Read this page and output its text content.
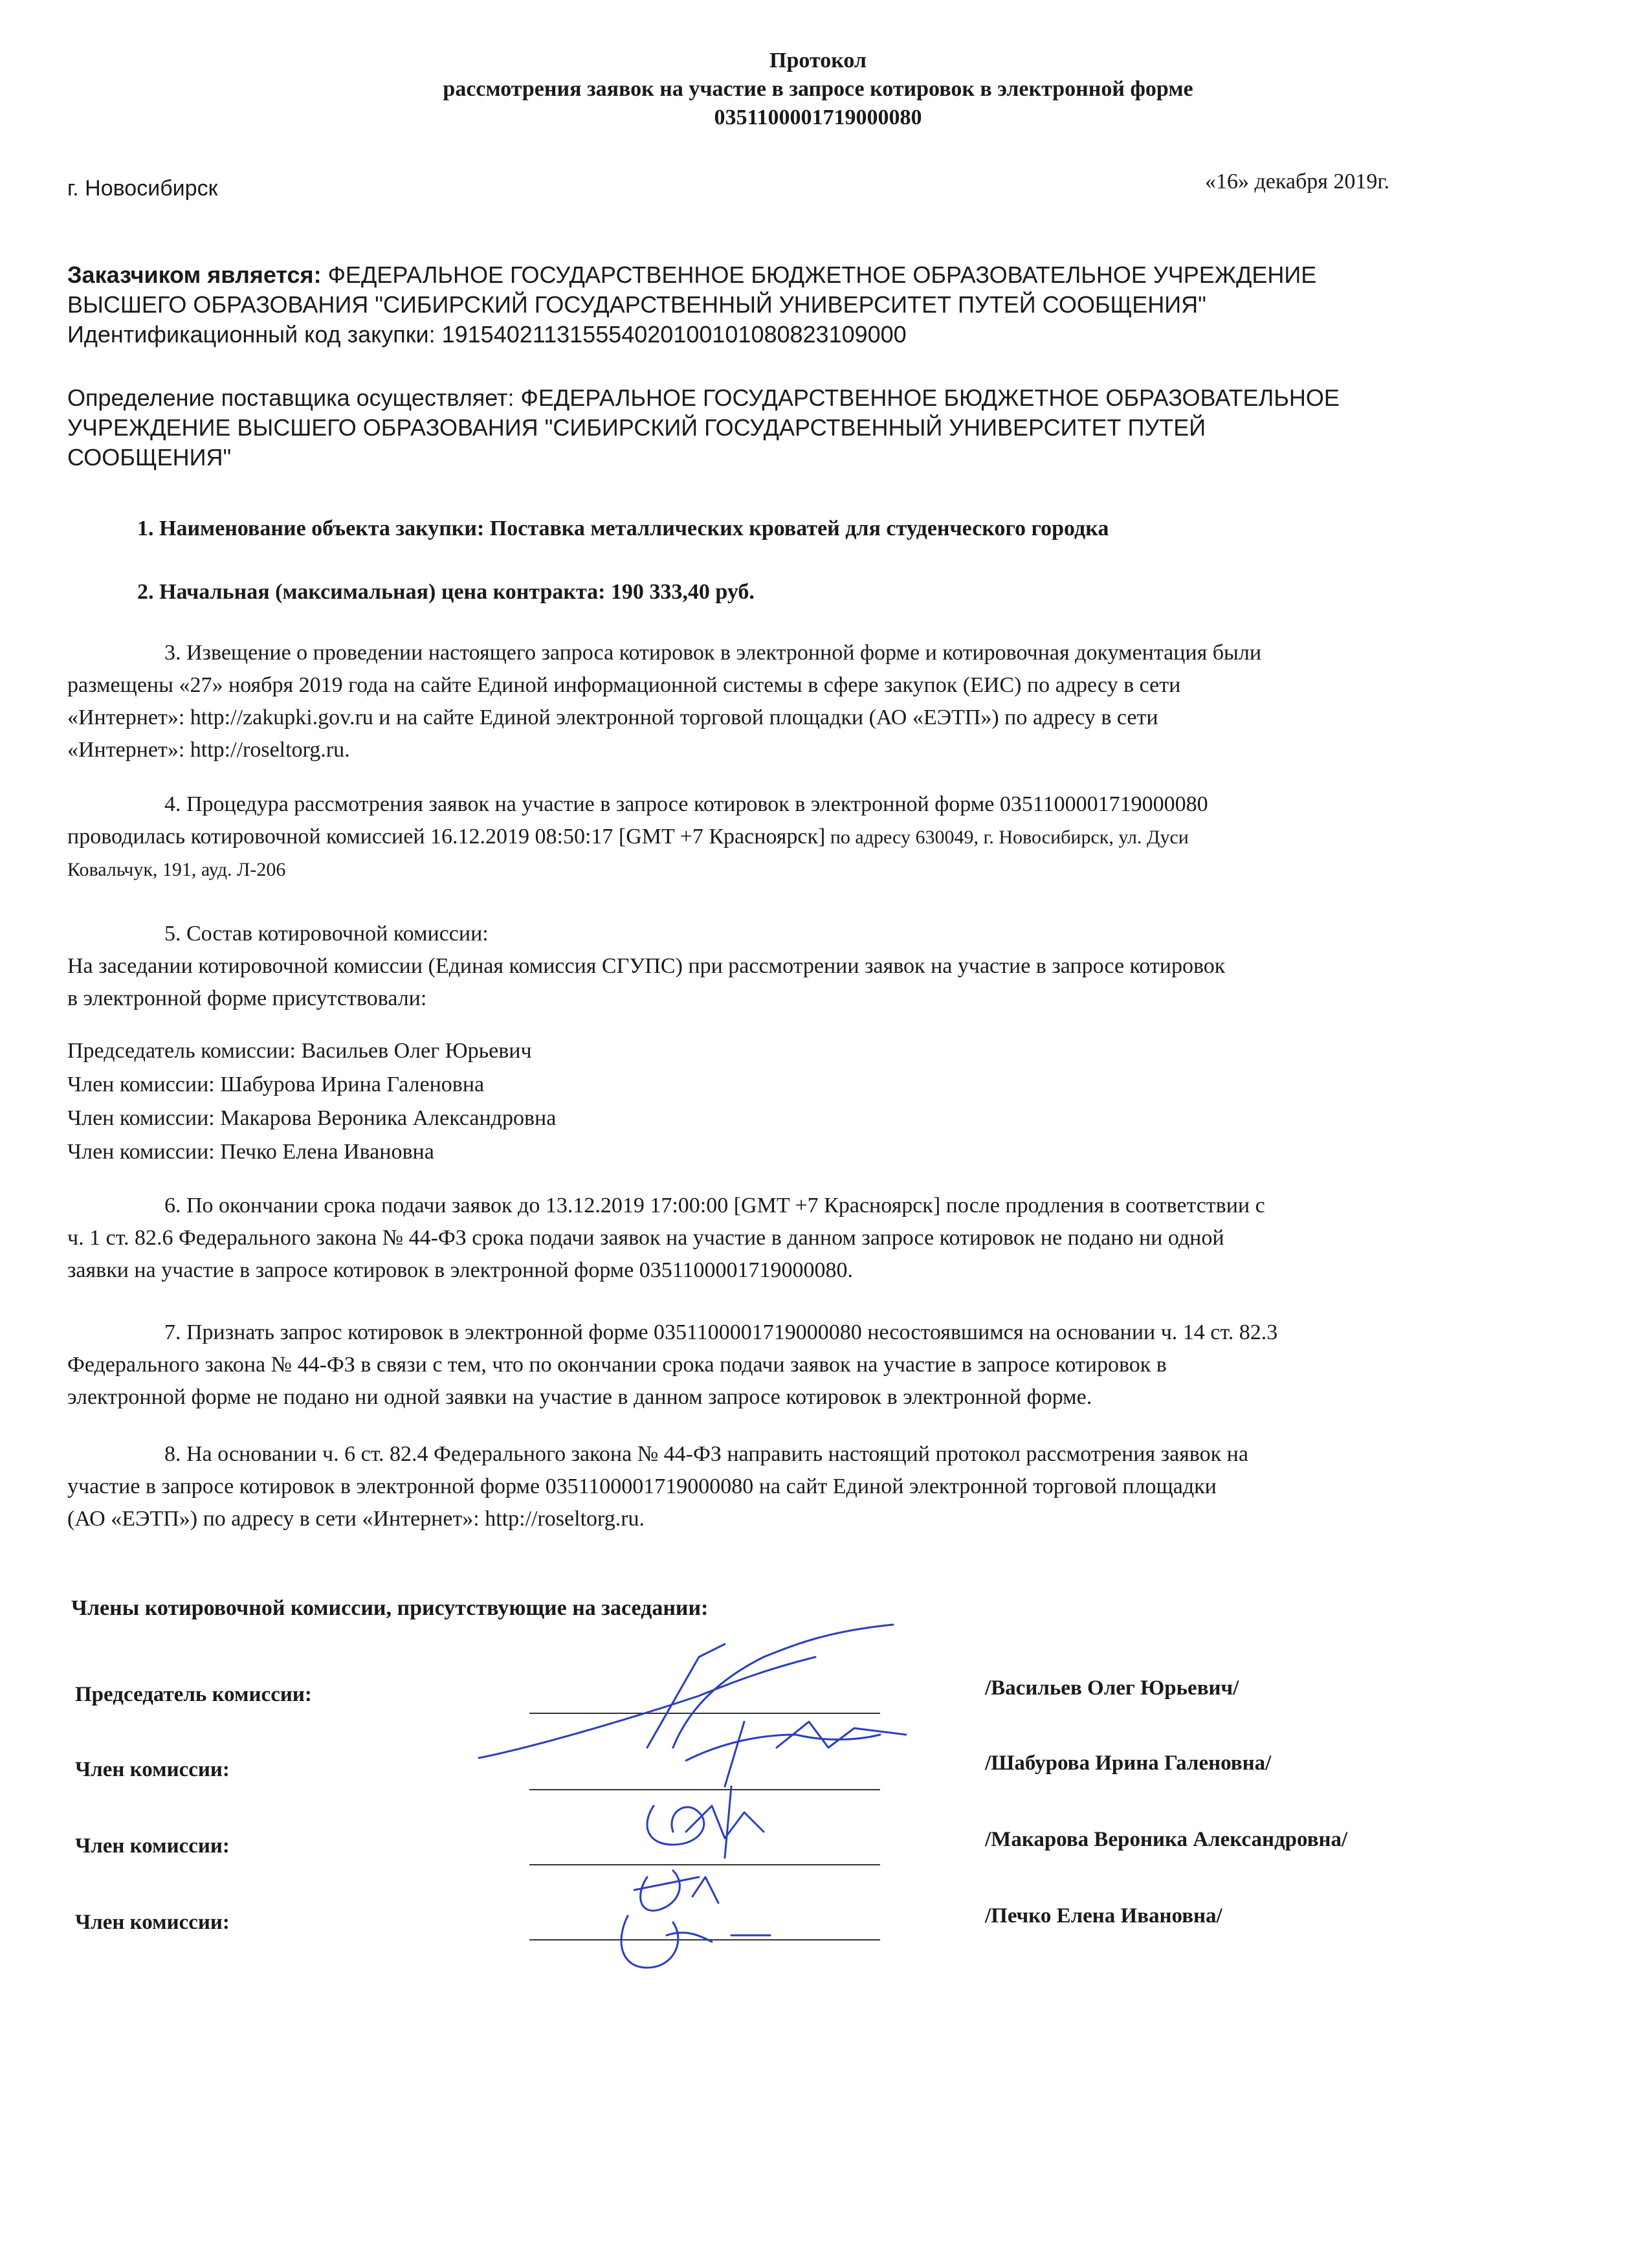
Протокол
рассмотрения заявок на участие в запросе котировок в электронной форме
0351100001719000080
г. Новосибирск	«16» декабря 2019г.
Заказчиком является: ФЕДЕРАЛЬНОЕ ГОСУДАРСТВЕННОЕ БЮДЖЕТНОЕ ОБРАЗОВАТЕЛЬНОЕ УЧРЕЖДЕНИЕ
ВЫСШЕГО ОБРАЗОВАНИЯ "СИБИРСКИЙ ГОСУДАРСТВЕННЫЙ УНИВЕРСИТЕТ ПУТЕЙ СООБЩЕНИЯ"
Идентификационный код закупки: 191540211315554020100101080823109000
Определение поставщика осуществляет: ФЕДЕРАЛЬНОЕ ГОСУДАРСТВЕННОЕ БЮДЖЕТНОЕ ОБРАЗОВАТЕЛЬНОЕ
УЧРЕЖДЕНИЕ ВЫСШЕГО ОБРАЗОВАНИЯ "СИБИРСКИЙ ГОСУДАРСТВЕННЫЙ УНИВЕРСИТЕТ ПУТЕЙ
СООБЩЕНИЯ"
1. Наименование объекта закупки: Поставка металлических кроватей для студенческого городка
2. Начальная (максимальная) цена контракта: 190 333,40 руб.
3. Извещение о проведении настоящего запроса котировок в электронной форме и котировочная документация были
размещены «27» ноября 2019 года на сайте Единой информационной системы в сфере закупок (ЕИС) по адресу в сети
«Интернет»: http://zakupki.gov.ru и на сайте Единой электронной торговой площадки (АО «ЕЭТП») по адресу в сети
«Интернет»: http://roseltorg.ru.
4. Процедура рассмотрения заявок на участие в запросе котировок в электронной форме 0351100001719000080
проводилась котировочной комиссией 16.12.2019 08:50:17 [GMT +7 Красноярск] по адресу 630049, г. Новосибирск, ул. Дуси
Ковальчук, 191, ауд. Л-206
5. Состав котировочной комиссии:
На заседании котировочной комиссии (Единая комиссия СГУПС) при рассмотрении заявок на участие в запросе котировок
в электронной форме присутствовали:
Председатель комиссии: Васильев Олег Юрьевич
Член комиссии: Шабурова Ирина Галеновна
Член комиссии: Макарова Вероника Александровна
Член комиссии: Печко Елена Ивановна
6. По окончании срока подачи заявок до 13.12.2019 17:00:00 [GMT +7 Красноярск] после продления в соответствии с
ч. 1 ст. 82.6 Федерального закона № 44-ФЗ срока подачи заявок на участие в данном запросе котировок не подано ни одной
заявки на участие в запросе котировок в электронной форме 0351100001719000080.
7. Признать запрос котировок в электронной форме 0351100001719000080 несостоявшимся на основании ч. 14 ст. 82.3
Федерального закона № 44-ФЗ в связи с тем, что по окончании срока подачи заявок на участие в запросе котировок в
электронной форме не подано ни одной заявки на участие в данном запросе котировок в электронной форме.
8. На основании ч. 6 ст. 82.4 Федерального закона № 44-ФЗ направить настоящий протокол рассмотрения заявок на
участие в запросе котировок в электронной форме 0351100001719000080 на сайт Единой электронной торговой площадки
(АО «ЕЭТП») по адресу в сети «Интернет»: http://roseltorg.ru.
Члены котировочной комиссии, присутствующие на заседании:
Председатель комиссии:	/Васильев Олег Юрьевич/
Член комиссии:	/Шабурова Ирина Галеновна/
Член комиссии:	/Макарова Вероника Александровна/
Член комиссии:	/Печко Елена Ивановна/
